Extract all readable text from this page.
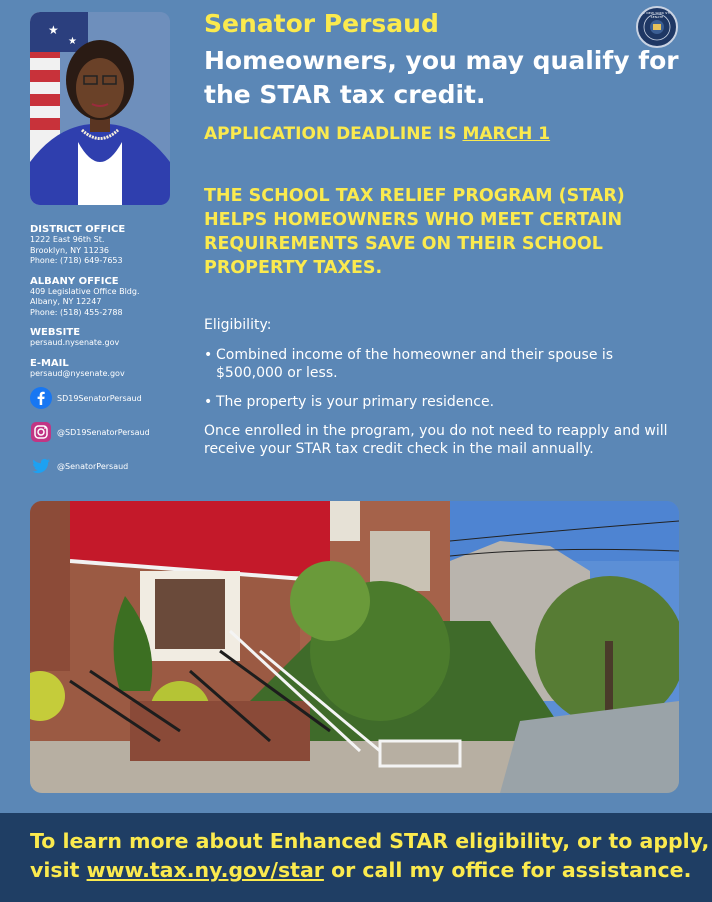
★
★
THE NEW YORK STATE SENATE
Senator Persaud
Homeowners, you may qualify for the STAR tax credit.
APPLICATION DEADLINE IS MARCH 1
THE SCHOOL TAX RELIEF PROGRAM (STAR) HELPS HOMEOWNERS WHO MEET CERTAIN REQUIREMENTS SAVE ON THEIR SCHOOL PROPERTY TAXES.

Eligibility:

• Combined income of the homeowner and their spouse is $500,000 or less.
• The property is your primary residence.

Once enrolled in the program, you do not need to reapply and will receive your STAR tax credit check in the mail annually.

DISTRICT OFFICE
1222 East 96th St.
Brooklyn, NY 11236
Phone: (718) 649-7653
ALBANY OFFICE
409 Legislative Office Bldg.
Albany, NY 12247
Phone: (518) 455-2788
WEBSITE
persaud.nysenate.gov
E-MAIL
persaud@nysenate.gov
SD19SenatorPersaud
@SD19SenatorPersaud
@SenatorPersaud
To learn more about Enhanced STAR eligibility, or to apply,
visit www.tax.ny.gov/star or call my office for assistance.
